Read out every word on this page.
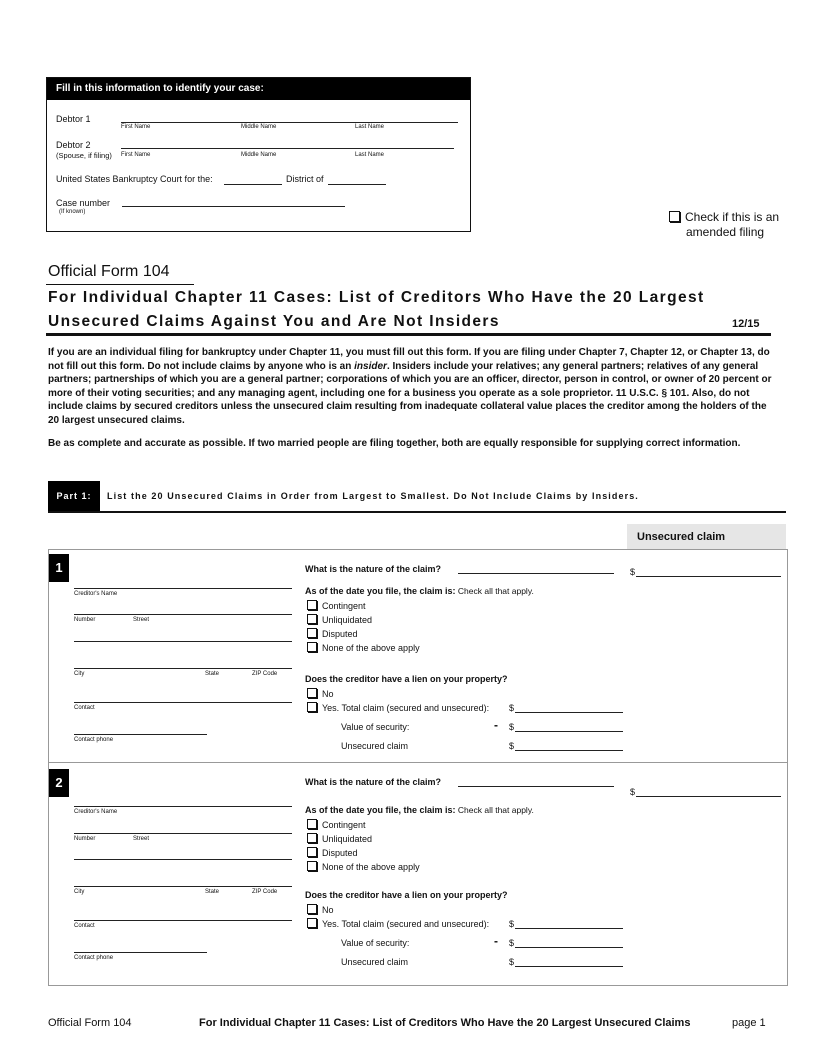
Fill in this information to identify your case:
Debtor 1
First Name	Middle Name	Last Name
Debtor 2
(Spouse, if filing) First Name	Middle Name	Last Name
United States Bankruptcy Court for the:	District of
Case number
(If known)	Check if this is an
amended filing
Official Form 104
For Individual Chapter 11 Cases: List of Creditors Who Have the 20 Largest
Unsecured Claims Against You and Are Not Insiders	12/15
If you are an individual filing for bankruptcy under Chapter 11, you must fill out this form. If you are filing under Chapter 7, Chapter 12, or Chapter 13, do not fill out this form. Do not include claims by anyone who is an insider. Insiders include your relatives; any general partners; relatives of any general partners; partnerships of which you are a general partner; corporations of which you are an officer, director, person in control, or owner of 20 percent or more of their voting securities; and any managing agent, including one for a business you operate as a sole proprietor. 11 U.S.C. § 101. Also, do not include claims by secured creditors unless the unsecured claim resulting from inadequate collateral value places the creditor among the holders of the 20 largest unsecured claims.
Be as complete and accurate as possible. If two married people are filing together, both are equally responsible for supplying correct information.
Part 1:	List the 20 Unsecured Claims in Order from Largest to Smallest. Do Not Include Claims by Insiders.
Unsecured claim
1
Creditor's Name
Number	Street
City	State	ZIP Code
Contact
Contact phone
What is the nature of the claim?	$
As of the date you file, the claim is: Check all that apply.
Contingent
Unliquidated
Disputed
None of the above apply
Does the creditor have a lien on your property?
No
Yes. Total claim (secured and unsecured): $
Value of security:	- $
Unsecured claim	$
2
Creditor's Name
Number	Street
City	State	ZIP Code
Contact
Contact phone
What is the nature of the claim?
$
As of the date you file, the claim is: Check all that apply.
Contingent
Unliquidated
Disputed
None of the above apply
Does the creditor have a lien on your property?
No
Yes. Total claim (secured and unsecured): $
Value of security:	- $
Unsecured claim	$
Official Form 104	For Individual Chapter 11 Cases: List of Creditors Who Have the 20 Largest Unsecured Claims	page 1
